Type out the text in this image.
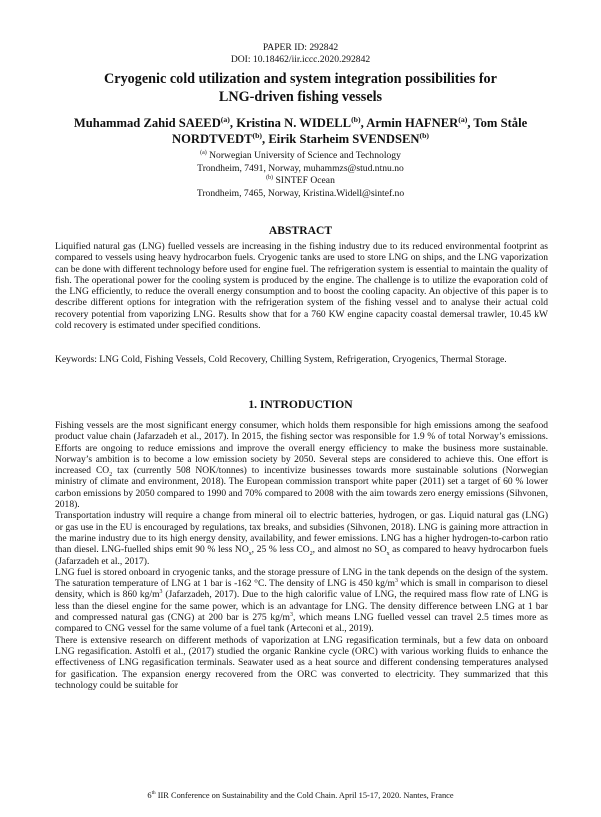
PAPER ID: 292842
DOI: 10.18462/iir.iccc.2020.292842
Cryogenic cold utilization and system integration possibilities for
LNG-driven fishing vessels
Muhammad Zahid SAEED$^{(a)}$, Kristina N. WIDELL$^{(b)}$, Armin HAFNER$^{(a)}$, Tom Ståle NORDTVEDT$^{(b)}$, Eirik Starheim SVENDSEN$^{(b)}$
$^{(a)}$ Norwegian University of Science and Technology
Trondheim, 7491, Norway, muhammzs@stud.ntnu.no
$^{(b)}$ SINTEF Ocean
Trondheim, 7465, Norway, Kristina.Widell@sintef.no
ABSTRACT

Liquified natural gas (LNG) fuelled vessels are increasing in the fishing industry due to its reduced environmental footprint as compared to vessels using heavy hydrocarbon fuels. Cryogenic tanks are used to store LNG on ships, and the LNG vaporization can be done with different technology before used for engine fuel. The refrigeration system is essential to maintain the quality of fish. The operational power for the cooling system is produced by the engine. The challenge is to utilize the evaporation cold of the LNG efficiently, to reduce the overall energy consumption and to boost the cooling capacity. An objective of this paper is to describe different options for integration with the refrigeration system of the fishing vessel and to analyse their actual cold recovery potential from vaporizing LNG. Results show that for a 760 KW engine capacity coastal demersal trawler, 10.45 kW cold recovery is estimated under specified conditions.

Keywords: LNG Cold, Fishing Vessels, Cold Recovery, Chilling System, Refrigeration, Cryogenics, Thermal Storage.
1. INTRODUCTION

Fishing vessels are the most significant energy consumer, which holds them responsible for high emissions among the seafood product value chain (Jafarzadeh et al., 2017). In 2015, the fishing sector was responsible for 1.9 % of total Norway’s emissions. Efforts are ongoing to reduce emissions and improve the overall energy efficiency to make the business more sustainable. Norway’s ambition is to become a low emission society by 2050. Several steps are considered to achieve this. One effort is increased $CO_2$ tax (currently 508 NOK/tonnes) to incentivize businesses towards more sustainable solutions (Norwegian ministry of climate and environment, 2018). The European commission transport white paper (2011) set a target of 60 % lower carbon emissions by 2050 compared to 1990 and 70% compared to 2008 with the aim towards zero energy emissions (Sihvonen, 2018).

Transportation industry will require a change from mineral oil to electric batteries, hydrogen, or gas. Liquid natural gas (LNG) or gas use in the EU is encouraged by regulations, tax breaks, and subsidies (Sihvonen, 2018). LNG is gaining more attraction in the marine industry due to its high energy density, availability, and fewer emissions. LNG has a higher hydrogen-to-carbon ratio than diesel. LNG-fuelled ships emit 90 % less $NO_x$, 25 % less $CO_2$, and almost no $SO_x$ as compared to heavy hydrocarbon fuels (Jafarzadeh et al., 2017).

LNG fuel is stored onboard in cryogenic tanks, and the storage pressure of LNG in the tank depends on the design of the system. The saturation temperature of LNG at 1 bar is -162 °C. The density of LNG is 450 $kg/m^3$ which is small in comparison to diesel density, which is 860 $kg/m^3$ (Jafarzadeh, 2017). Due to the high calorific value of LNG, the required mass flow rate of LNG is less than the diesel engine for the same power, which is an advantage for LNG. The density difference between LNG at 1 bar and compressed natural gas (CNG) at 200 bar is 275 $kg/m^3$, which means LNG fuelled vessel can travel 2.5 times more as compared to CNG vessel for the same volume of a fuel tank (Arteconi et al., 2019).

There is extensive research on different methods of vaporization at LNG regasification terminals, but a few data on onboard LNG regasification. Astolfi et al., (2017) studied the organic Rankine cycle (ORC) with various working fluids to enhance the effectiveness of LNG regasification terminals. Seawater used as a heat source and different condensing temperatures analysed for gasification. The expansion energy recovered from the ORC was converted to electricity. They summarized that this technology could be suitable for

6th IIR Conference on Sustainability and the Cold Chain. April 15-17, 2020. Nantes, France
